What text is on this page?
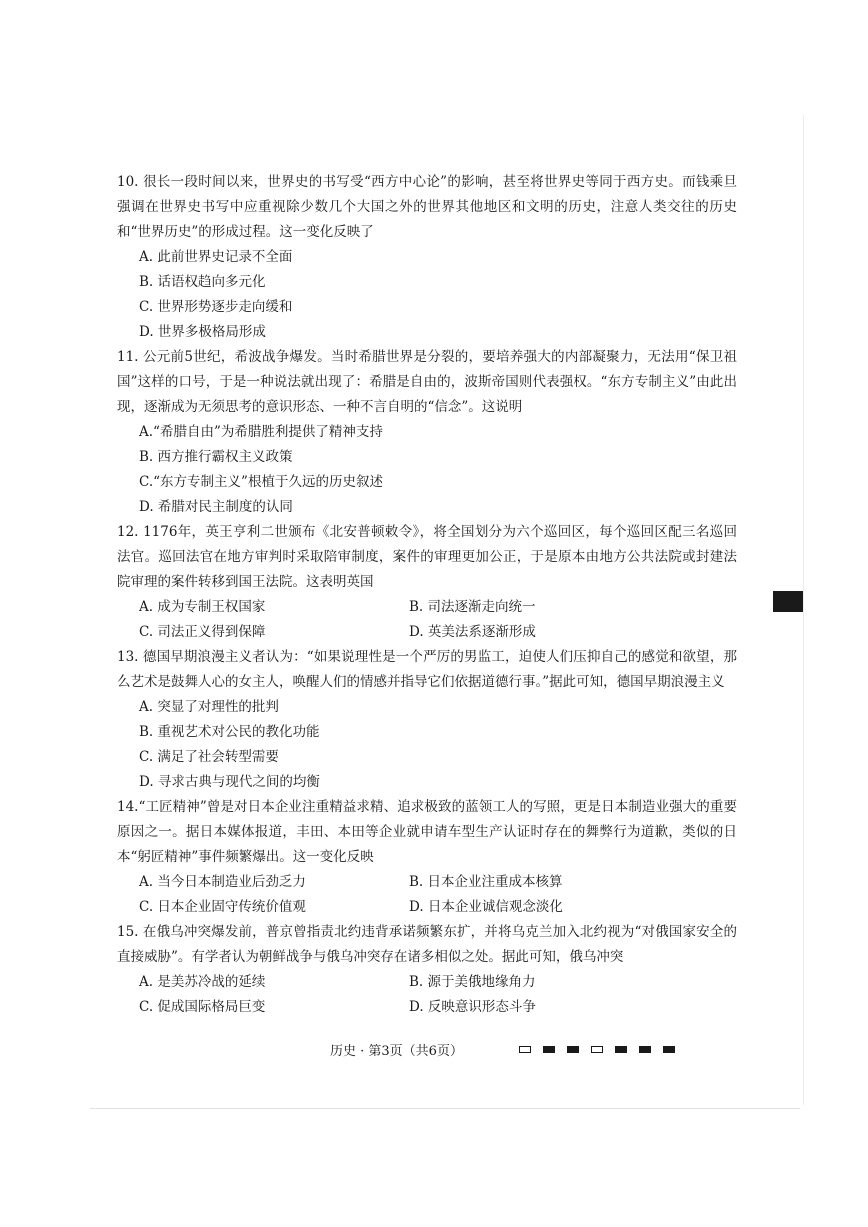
10. 很长一段时间以来，世界史的书写受“西方中心论”的影响，甚至将世界史等同于西方史。而钱乘旦强调在世界史书写中应重视除少数几个大国之外的世界其他地区和文明的历史，注意人类交往的历史和“世界历史”的形成过程。这一变化反映了

A. 此前世界史记录不全面

B. 话语权趋向多元化

C. 世界形势逐步走向缓和

D. 世界多极格局形成

11. 公元前5世纪，希波战争爆发。当时希腊世界是分裂的，要培养强大的内部凝聚力，无法用“保卫祖国”这样的口号，于是一种说法就出现了：希腊是自由的，波斯帝国则代表强权。“东方专制主义”由此出现，逐渐成为无须思考的意识形态、一种不言自明的“信念”。这说明

A.“希腊自由”为希腊胜利提供了精神支持

B. 西方推行霸权主义政策

C.“东方专制主义”根植于久远的历史叙述

D. 希腊对民主制度的认同

12. 1176年，英王亨利二世颁布《北安普顿敕令》，将全国划分为六个巡回区，每个巡回区配三名巡回法官。巡回法官在地方审判时采取陪审制度，案件的审理更加公正，于是原本由地方公共法院或封建法院审理的案件转移到国王法院。这表明英国

A. 成为专制王权国家	B. 司法逐渐走向统一
C. 司法正义得到保障	D. 英美法系逐渐形成

13. 德国早期浪漫主义者认为：“如果说理性是一个严厉的男监工，迫使人们压抑自己的感觉和欲望，那么艺术是鼓舞人心的女主人，唤醒人们的情感并指导它们依据道德行事。”据此可知，德国早期浪漫主义

A. 突显了对理性的批判

B. 重视艺术对公民的教化功能

C. 满足了社会转型需要

D. 寻求古典与现代之间的均衡

14.“工匠精神”曾是对日本企业注重精益求精、追求极致的蓝领工人的写照，更是日本制造业强大的重要原因之一。据日本媒体报道，丰田、本田等企业就申请车型生产认证时存在的舞弊行为道歉，类似的日本“躬匠精神”事件频繁爆出。这一变化反映

A. 当今日本制造业后劲乏力	B. 日本企业注重成本核算
C. 日本企业固守传统价值观	D. 日本企业诚信观念淡化

15. 在俄乌冲突爆发前，普京曾指责北约违背承诺频繁东扩，并将乌克兰加入北约视为“对俄国家安全的直接威胁”。有学者认为朝鲜战争与俄乌冲突存在诸多相似之处。据此可知，俄乌冲突

A. 是美苏冷战的延续	B. 源于美俄地缘角力
C. 促成国际格局巨变	D. 反映意识形态斗争
历史 · 第3页（共6页）
